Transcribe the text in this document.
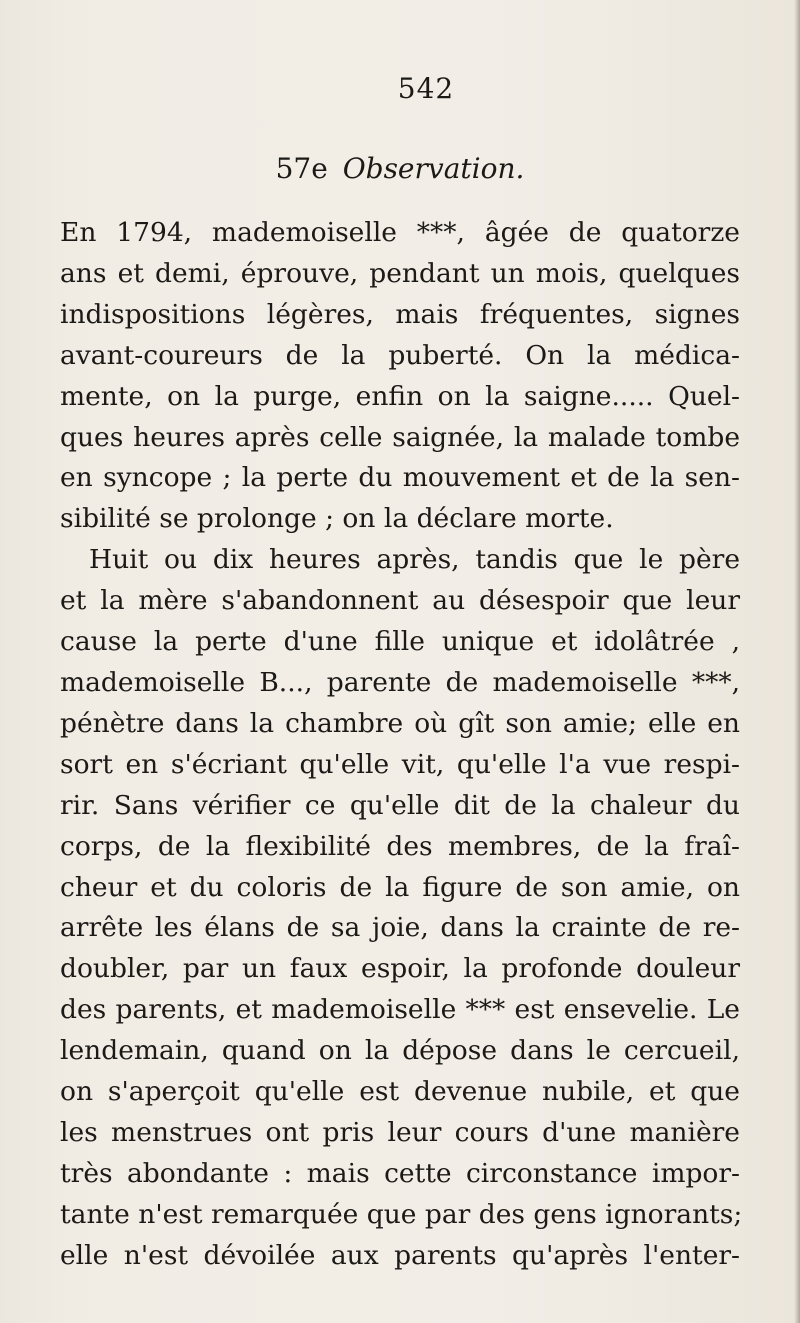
542
57e Observation.
En 1794, mademoiselle ***, âgée de quatorze
ans et demi, éprouve, pendant un mois, quelques
indispositions légères, mais fréquentes, signes
avant-coureurs de la puberté. On la médica-
mente, on la purge, enfin on la saigne..... Quel-
ques heures après celle saignée, la malade tombe
en syncope ; la perte du mouvement et de la sen-
sibilité se prolonge ; on la déclare morte.
Huit ou dix heures après, tandis que le père
et la mère s'abandonnent au désespoir que leur
cause la perte d'une fille unique et idolâtrée ,
mademoiselle B..., parente de mademoiselle ***,
pénètre dans la chambre où gît son amie; elle en
sort en s'écriant qu'elle vit, qu'elle l'a vue respi-
rir. Sans vérifier ce qu'elle dit de la chaleur du
corps, de la flexibilité des membres, de la fraî-
cheur et du coloris de la figure de son amie, on
arrête les élans de sa joie, dans la crainte de re-
doubler, par un faux espoir, la profonde douleur
des parents, et mademoiselle *** est ensevelie. Le
lendemain, quand on la dépose dans le cercueil,
on s'aperçoit qu'elle est devenue nubile, et que
les menstrues ont pris leur cours d'une manière
très abondante : mais cette circonstance impor-
tante n'est remarquée que par des gens ignorants;
elle n'est dévoilée aux parents qu'après l'enter-
